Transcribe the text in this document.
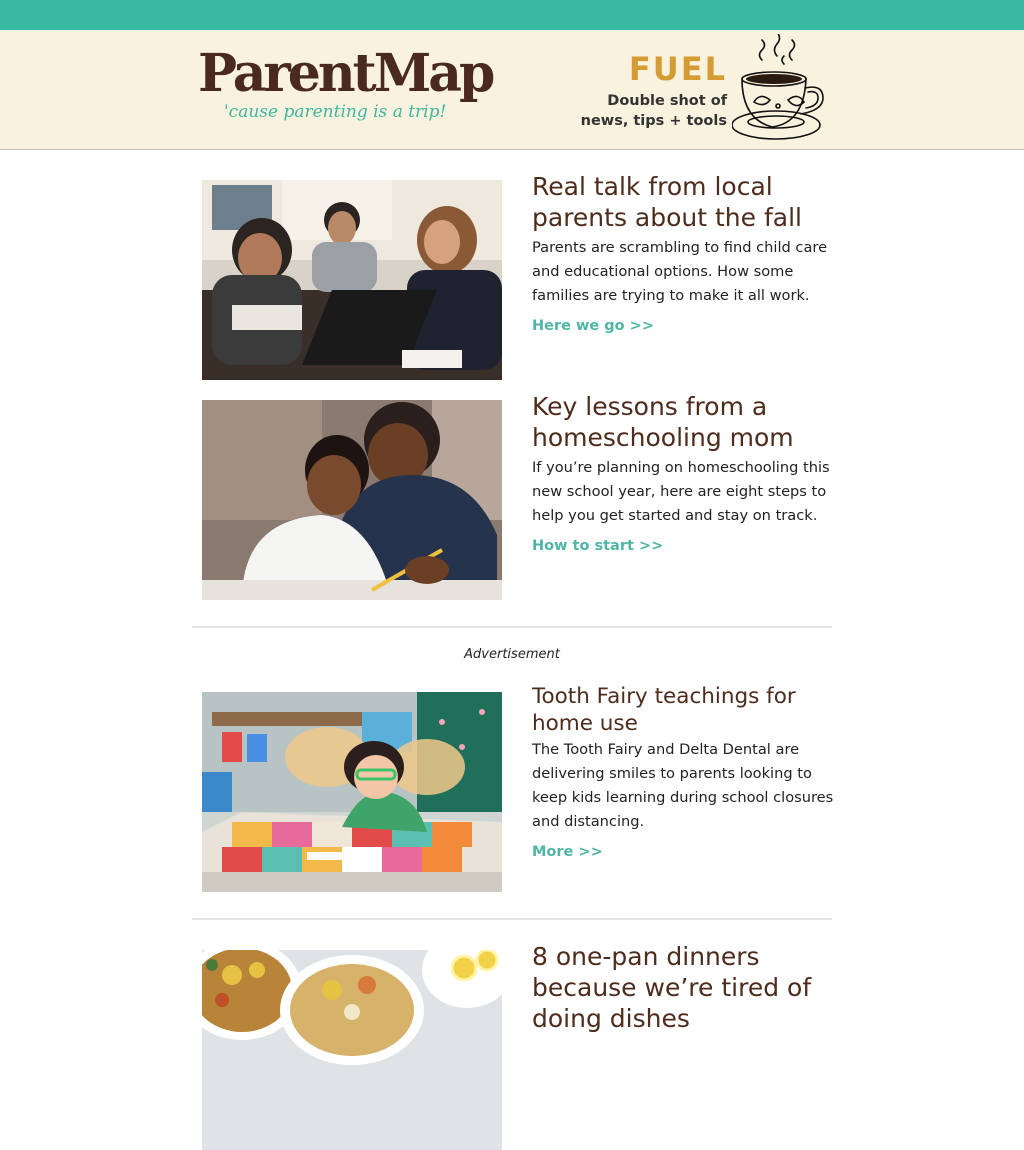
ParentMap
'cause parenting is a trip!
FUEL
Double shot of
news, tips + tools
Real talk from local parents about the fall

Parents are scrambling to find child care and educational options. How some families are trying to make it all work.

Here we go >>
Key lessons from a homeschooling mom

If you’re planning on homeschooling this new school year, here are eight steps to help you get started and stay on track.

How to start >>
Advertisement
Tooth Fairy teachings for home use

The Tooth Fairy and Delta Dental are delivering smiles to parents looking to keep kids learning during school closures and distancing.

More >>
8 one-pan dinners because we’re tired of doing dishes
